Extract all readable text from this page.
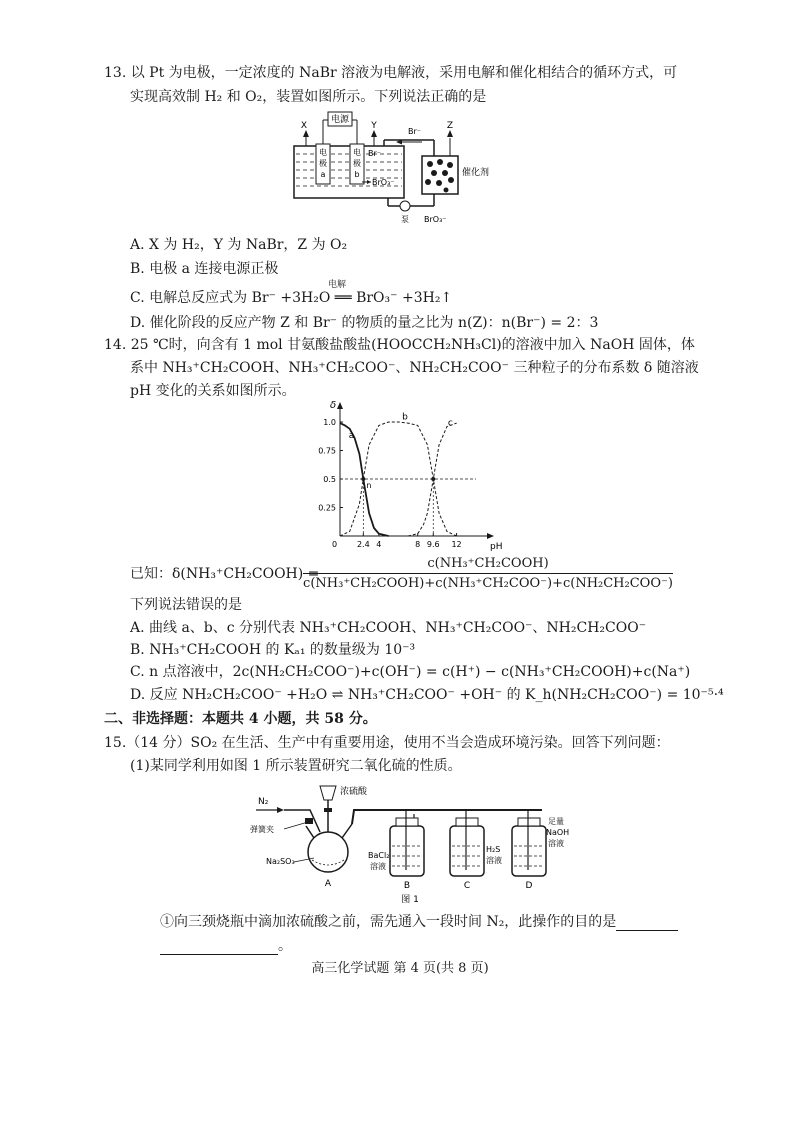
13. 以 Pt 为电极，一定浓度的 NaBr 溶液为电解液，采用电解和催化相结合的循环方式，可
实现高效制 H₂ 和 O₂，装置如图所示。下列说法正确的是
电
极
a
电
极
b
电源
X	Y
Br⁻
BrO₃⁻
Br⁻
催化剂
Z
泵 BrO₃⁻
A. X 为 H₂，Y 为 NaBr，Z 为 O₂
B. 电极 a 连接电源正极
电解
C. 电解总反应式为 Br⁻ +3H₂O ══ BrO₃⁻ +3H₂↑
D. 催化阶段的反应产物 Z 和 Br⁻ 的物质的量之比为 n(Z)：n(Br⁻) = 2：3
14. 25 ℃时，向含有 1 mol 甘氨酸盐酸盐(HOOCCH₂NH₃Cl)的溶液中加入 NaOH 固体，体
系中 NH₃⁺CH₂COOH、NH₃⁺CH₂COO⁻、NH₂CH₂COO⁻ 三种粒子的分布系数 δ 随溶液
pH 变化的关系如图所示。
δ
pH
0
0.25
0.5
0.75
1.0
2.4 4	8 9.6 12
a
b
c
n
已知：δ(NH₃⁺CH₂COOH) =
c(NH₃⁺CH₂COOH)
c(NH₃⁺CH₂COOH)+c(NH₃⁺CH₂COO⁻)+c(NH₂CH₂COO⁻)
下列说法错误的是
A. 曲线 a、b、c 分别代表 NH₃⁺CH₂COOH、NH₃⁺CH₂COO⁻、NH₂CH₂COO⁻
B. NH₃⁺CH₂COOH 的 Kₐ₁ 的数量级为 10⁻³
C. n 点溶液中，2c(NH₂CH₂COO⁻)+c(OH⁻) = c(H⁺) − c(NH₃⁺CH₂COOH)+c(Na⁺)
D. 反应 NH₂CH₂COO⁻ +H₂O ⇌ NH₃⁺CH₂COO⁻ +OH⁻ 的 K_h(NH₂CH₂COO⁻) = 10⁻⁵·⁴
二、非选择题：本题共 4 小题，共 58 分。
15.（14 分）SO₂ 在生活、生产中有重要用途，使用不当会造成环境污染。回答下列问题：
(1)某同学利用如图 1 所示装置研究二氧化硫的性质。
N₂
弹簧夹
浓硫酸
Na₂SO₃
A
BaCl₂
溶液
B
H₂S
溶液
C
足量
NaOH
溶液
D
图 1
①向三颈烧瓶中滴加浓硫酸之前，需先通入一段时间 N₂，此操作的目的是
。
高三化学试题 第 4 页(共 8 页)
